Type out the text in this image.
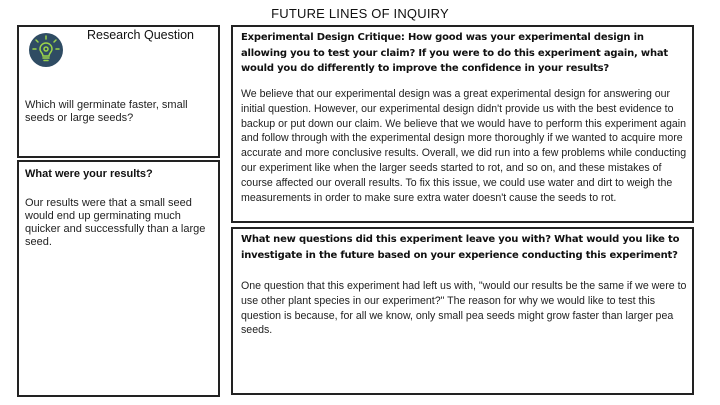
FUTURE LINES OF INQUIRY
Research Question
Which will germinate faster, small seeds or large seeds?
What were your results?
Our results were that a small seed would end up germinating much quicker and successfully than a large seed.
Experimental Design Critique: How good was your experimental design in allowing you to test your claim? If you were to do this experiment again, what would you do differently to improve the confidence in your results?
We believe that our experimental design was a great experimental design for answering our initial question. However, our experimental design didn't provide us with the best evidence to backup or put down our claim. We believe that we would have to perform this experiment again and follow through with the experimental design more thoroughly if we wanted to acquire more accurate and more conclusive results. Overall, we did run into a few problems while conducting our experiment like when the larger seeds started to rot, and so on, and these mistakes of course affected our overall results. To fix this issue, we could use water and dirt to weigh the measurements in order to make sure extra water doesn't cause the seeds to rot.
What new questions did this experiment leave you with? What would you like to investigate in the future based on your experience conducting this experiment?
One question that this experiment had left us with, "would our results be the same if we were to use other plant species in our experiment?" The reason for why we would like to test this question is because, for all we know, only small pea seeds might grow faster than larger pea seeds.
